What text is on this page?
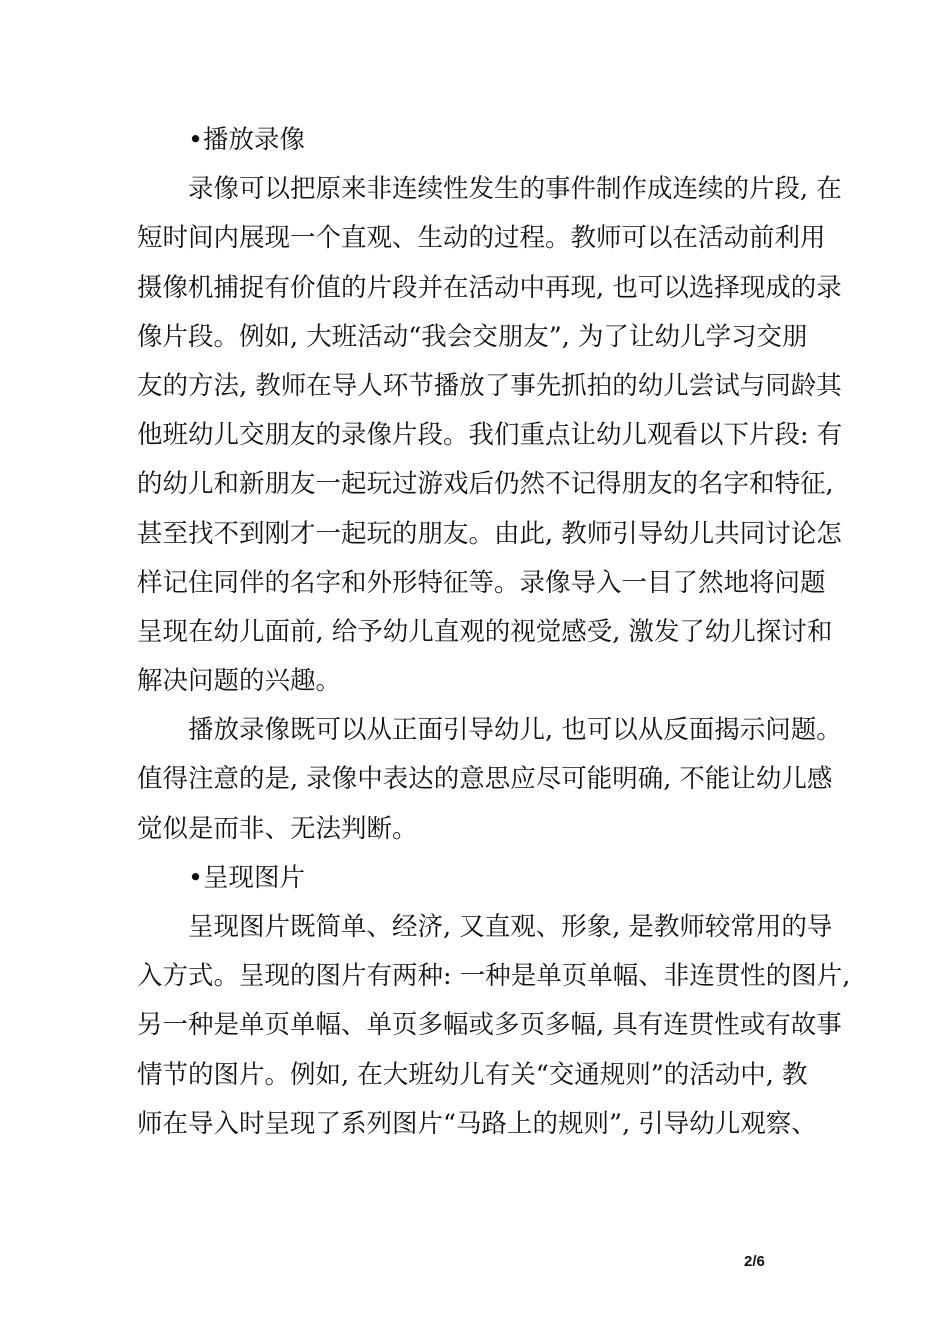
•播放录像
录像可以把原来非连续性发生的事件制作成连续的片段, 在
短时间内展现一个直观、生动的过程。教师可以在活动前利用
摄像机捕捉有价值的片段并在活动中再现, 也可以选择现成的录
像片段。例如, 大班活动“我会交朋友”, 为了让幼儿学习交朋
友的方法, 教师在导人环节播放了事先抓拍的幼儿尝试与同龄其
他班幼儿交朋友的录像片段。我们重点让幼儿观看以下片段: 有
的幼儿和新朋友一起玩过游戏后仍然不记得朋友的名字和特征,
甚至找不到刚才一起玩的朋友。由此, 教师引导幼儿共同讨论怎
样记住同伴的名字和外形特征等。录像导入一目了然地将问题
呈现在幼儿面前, 给予幼儿直观的视觉感受, 激发了幼儿探讨和
解决问题的兴趣。
播放录像既可以从正面引导幼儿, 也可以从反面揭示问题。
值得注意的是, 录像中表达的意思应尽可能明确, 不能让幼儿感
觉似是而非、无法判断。
•呈现图片
呈现图片既简单、经济, 又直观、形象, 是教师较常用的导
入方式。呈现的图片有两种: 一种是单页单幅、非连贯性的图片,
另一种是单页单幅、单页多幅或多页多幅, 具有连贯性或有故事
情节的图片。例如, 在大班幼儿有关“交通规则”的活动中, 教
师在导入时呈现了系列图片“马路上的规则”, 引导幼儿观察、
2/6
